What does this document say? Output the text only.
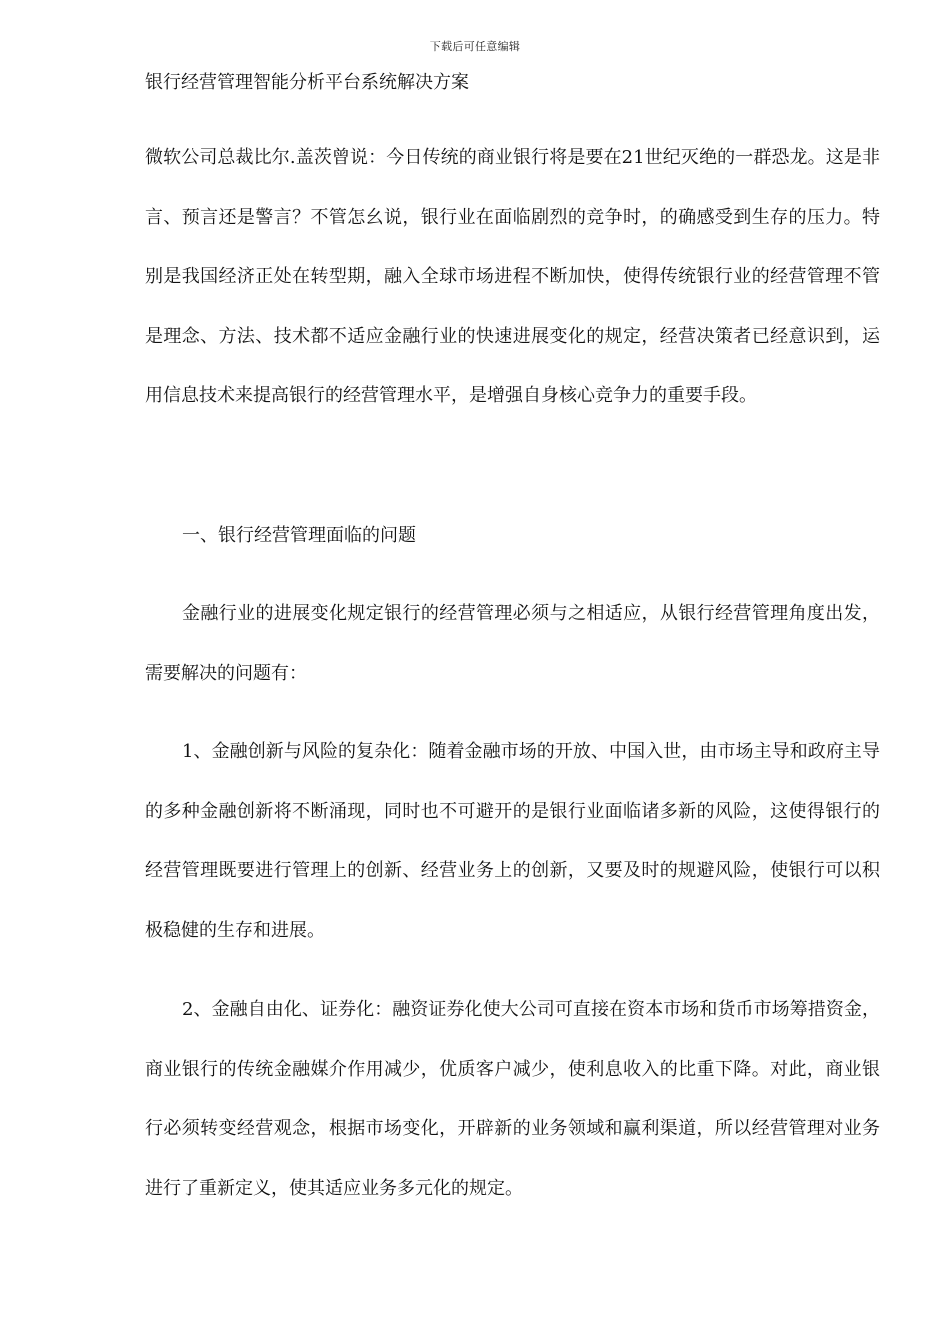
下载后可任意编辑
银行经营管理智能分析平台系统解决方案

微软公司总裁比尔.盖茨曾说：今日传统的商业银行将是要在21世纪灭绝的一群恐龙。这是非言、预言还是警言？不管怎幺说，银行业在面临剧烈的竞争时，的确感受到生存的压力。特别是我国经济正处在转型期，融入全球市场进程不断加快，使得传统银行业的经营管理不管是理念、方法、技术都不适应金融行业的快速进展变化的规定，经营决策者已经意识到，运用信息技术来提高银行的经营管理水平，是增强自身核心竞争力的重要手段。

一、银行经营管理面临的问题

金融行业的进展变化规定银行的经营管理必须与之相适应，从银行经营管理角度出发，需要解决的问题有：

1、金融创新与风险的复杂化：随着金融市场的开放、中国入世，由市场主导和政府主导的多种金融创新将不断涌现，同时也不可避开的是银行业面临诸多新的风险，这使得银行的经营管理既要进行管理上的创新、经营业务上的创新，又要及时的规避风险，使银行可以积极稳健的生存和进展。

2、金融自由化、证券化：融资证券化使大公司可直接在资本市场和货币市场筹措资金，商业银行的传统金融媒介作用减少，优质客户减少，使利息收入的比重下降。对此，商业银行必须转变经营观念，根据市场变化，开辟新的业务领域和赢利渠道，所以经营管理对业务进行了重新定义，使其适应业务多元化的规定。
